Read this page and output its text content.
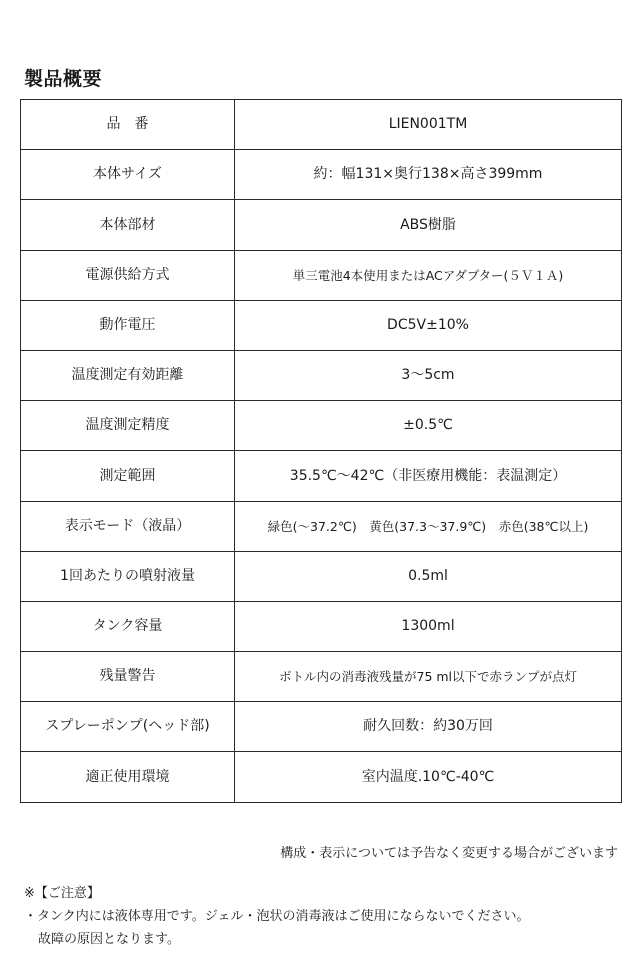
製品概要
品　番	LIEN001TM
本体サイズ	約：幅131×奥行138×高さ399mm
本体部材	ABS樹脂
電源供給方式	単三電池4本使用またはACアダプター(５Ｖ１Ａ)
動作電圧	DC5V±10%
温度測定有効距離	3～5cm
温度測定精度	±0.5℃
測定範囲	35.5℃～42℃（非医療用機能：表温測定）
表示モード（液晶）	緑色(～37.2℃)　黄色(37.3～37.9℃)　赤色(38℃以上)
1回あたりの噴射液量	0.5ml
タンク容量	1300ml
残量警告	ボトル内の消毒液残量が75 ml以下で赤ランプが点灯
スプレーポンプ(ヘッド部)	耐久回数：約30万回
適正使用環境	室内温度.10℃-40℃

構成・表示については予告なく変更する場合がございます

※【ご注意】

・タンク内には液体専用です。ジェル・泡状の消毒液はご使用にならないでください。

故障の原因となります。
